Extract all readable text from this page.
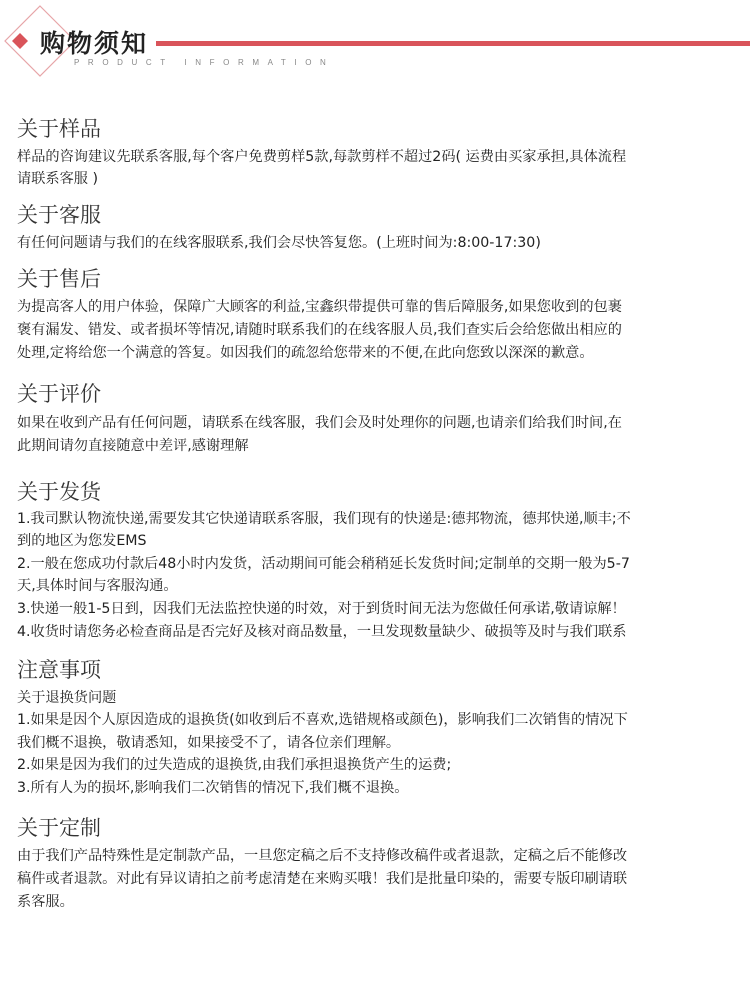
购物须知
PRODUCT INFORMATION
关于样品
样品的咨询建议先联系客服,每个客户免费剪样5款,每款剪样不超过2码( 运费由买家承担,具体流程
请联系客服 )
关于客服
有任何问题请与我们的在线客服联系,我们会尽快答复您。(上班时间为:8:00-17:30)
关于售后
为提高客人的用户体验，保障广大顾客的利益,宝鑫织带提供可靠的售后障服务,如果您收到的包裹
褒有漏发、错发、或者损坏等情况,请随时联系我们的在线客服人员,我们查实后会给您做出相应的
处理,定将给您一个满意的答复。如因我们的疏忽给您带来的不便,在此向您致以深深的歉意。
关于评价
如果在收到产品有任何问题，请联系在线客服，我们会及时处理你的问题,也请亲们给我们时间,在
此期间请勿直接随意中差评,感谢理解
关于发货
1.我司默认物流快递,需要发其它快递请联系客服，我们现有的快递是:德邦物流，德邦快递,顺丰;不
到的地区为您发EMS
2.一般在您成功付款后48小时内发货，活动期间可能会稍稍延长发货时间;定制单的交期一般为5-7
天,具体时间与客服沟通。
3.快递一般1-5日到，因我们无法监控快递的时效，对于到货时间无法为您做任何承诺,敬请谅解！
4.收货时请您务必检查商品是否完好及核对商品数量，一旦发现数量缺少、破损等及时与我们联系
注意事项
关于退换货问题
1.如果是因个人原因造成的退换货(如收到后不喜欢,选错规格或颜色)，影响我们二次销售的情况下
我们概不退换，敬请悉知，如果接受不了，请各位亲们理解。
2.如果是因为我们的过失造成的退换货,由我们承担退换货产生的运费;
3.所有人为的损坏,影响我们二次销售的情况下,我们概不退换。
关于定制
由于我们产品特殊性是定制款产品，一旦您定稿之后不支持修改稿件或者退款，定稿之后不能修改
稿件或者退款。对此有异议请拍之前考虑清楚在来购买哦！我们是批量印染的，需要专版印刷请联
系客服。
